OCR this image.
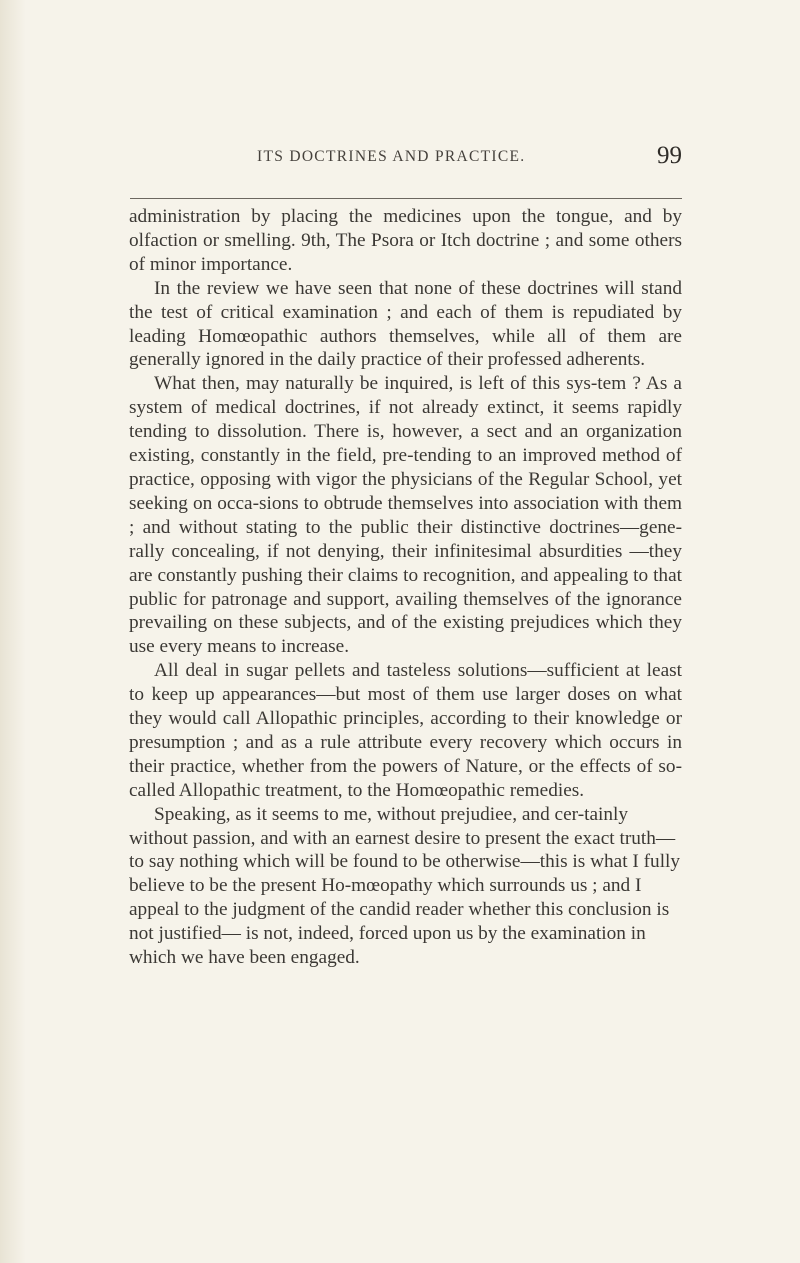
ITS DOCTRINES AND PRACTICE.	99

administration by placing the medicines upon the tongue, and by olfaction or smelling. 9th, The Psora or Itch doctrine ; and some others of minor importance.

In the review we have seen that none of these doctrines will stand the test of critical examination ; and each of them is repudiated by leading Homœopathic authors themselves, while all of them are generally ignored in the daily practice of their professed adherents.

What then, may naturally be inquired, is left of this sys-tem ? As a system of medical doctrines, if not already extinct, it seems rapidly tending to dissolution. There is, however, a sect and an organization existing, constantly in the field, pre-tending to an improved method of practice, opposing with vigor the physicians of the Regular School, yet seeking on occa-sions to obtrude themselves into association with them ; and without stating to the public their distinctive doctrines—gene-rally concealing, if not denying, their infinitesimal absurdities —they are constantly pushing their claims to recognition, and appealing to that public for patronage and support, availing themselves of the ignorance prevailing on these subjects, and of the existing prejudices which they use every means to increase.

All deal in sugar pellets and tasteless solutions—sufficient at least to keep up appearances—but most of them use larger doses on what they would call Allopathic principles, according to their knowledge or presumption ; and as a rule attribute every recovery which occurs in their practice, whether from the powers of Nature, or the effects of so-called Allopathic treatment, to the Homœopathic remedies.

Speaking, as it seems to me, without prejudiee, and cer-tainly without passion, and with an earnest desire to present the exact truth—to say nothing which will be found to be otherwise—this is what I fully believe to be the present Ho-mœopathy which surrounds us ; and I appeal to the judgment of the candid reader whether this conclusion is not justified— is not, indeed, forced upon us by the examination in which we have been engaged.
